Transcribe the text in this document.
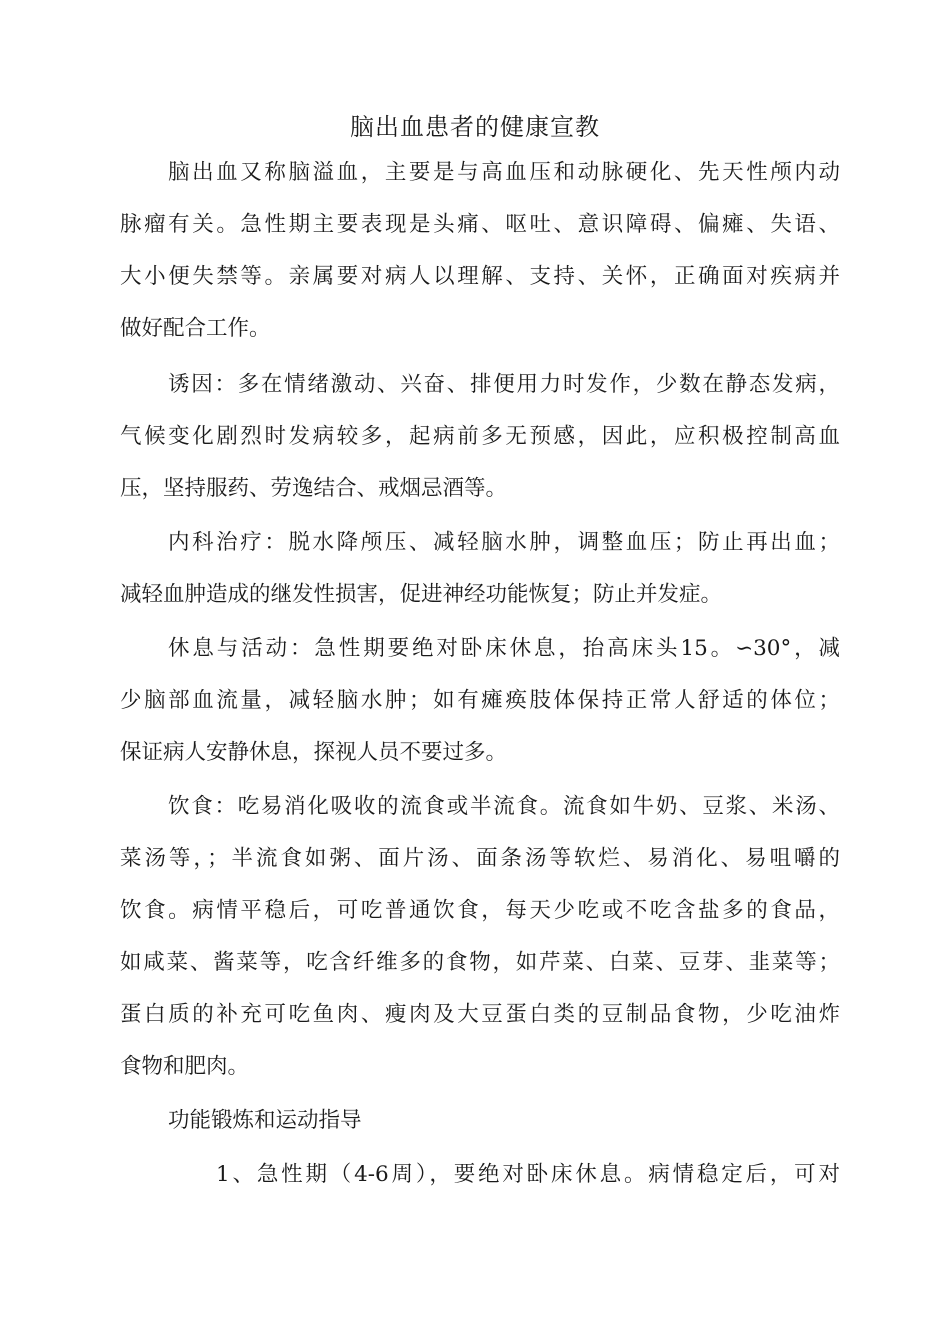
脑出血患者的健康宣教
脑出血又称脑溢血，主要是与高血压和动脉硬化、先天性颅内动
脉瘤有关。急性期主要表现是头痛、呕吐、意识障碍、偏瘫、失语、
大小便失禁等。亲属要对病人以理解、支持、关怀，正确面对疾病并
做好配合工作。
诱因：多在情绪激动、兴奋、排便用力时发作，少数在静态发病，
气候变化剧烈时发病较多，起病前多无预感，因此，应积极控制高血
压，坚持服药、劳逸结合、戒烟忌酒等。
内科治疗：脱水降颅压、减轻脑水肿，调整血压；防止再出血；
减轻血肿造成的继发性损害，促进神经功能恢复；防止并发症。
休息与活动：急性期要绝对卧床休息，抬高床头15。∽30°，减
少脑部血流量，减轻脑水肿；如有瘫痪肢体保持正常人舒适的体位；
保证病人安静休息，探视人员不要过多。
饮食：吃易消化吸收的流食或半流食。流食如牛奶、豆浆、米汤、
菜汤等，；半流食如粥、面片汤、面条汤等软烂、易消化、易咀嚼的
饮食。病情平稳后，可吃普通饮食，每天少吃或不吃含盐多的食品，
如咸菜、酱菜等，吃含纤维多的食物，如芹菜、白菜、豆芽、韭菜等；
蛋白质的补充可吃鱼肉、瘦肉及大豆蛋白类的豆制品食物，少吃油炸
食物和肥肉。
功能锻炼和运动指导
1、急性期（4-6周），要绝对卧床休息。病情稳定后，可对
